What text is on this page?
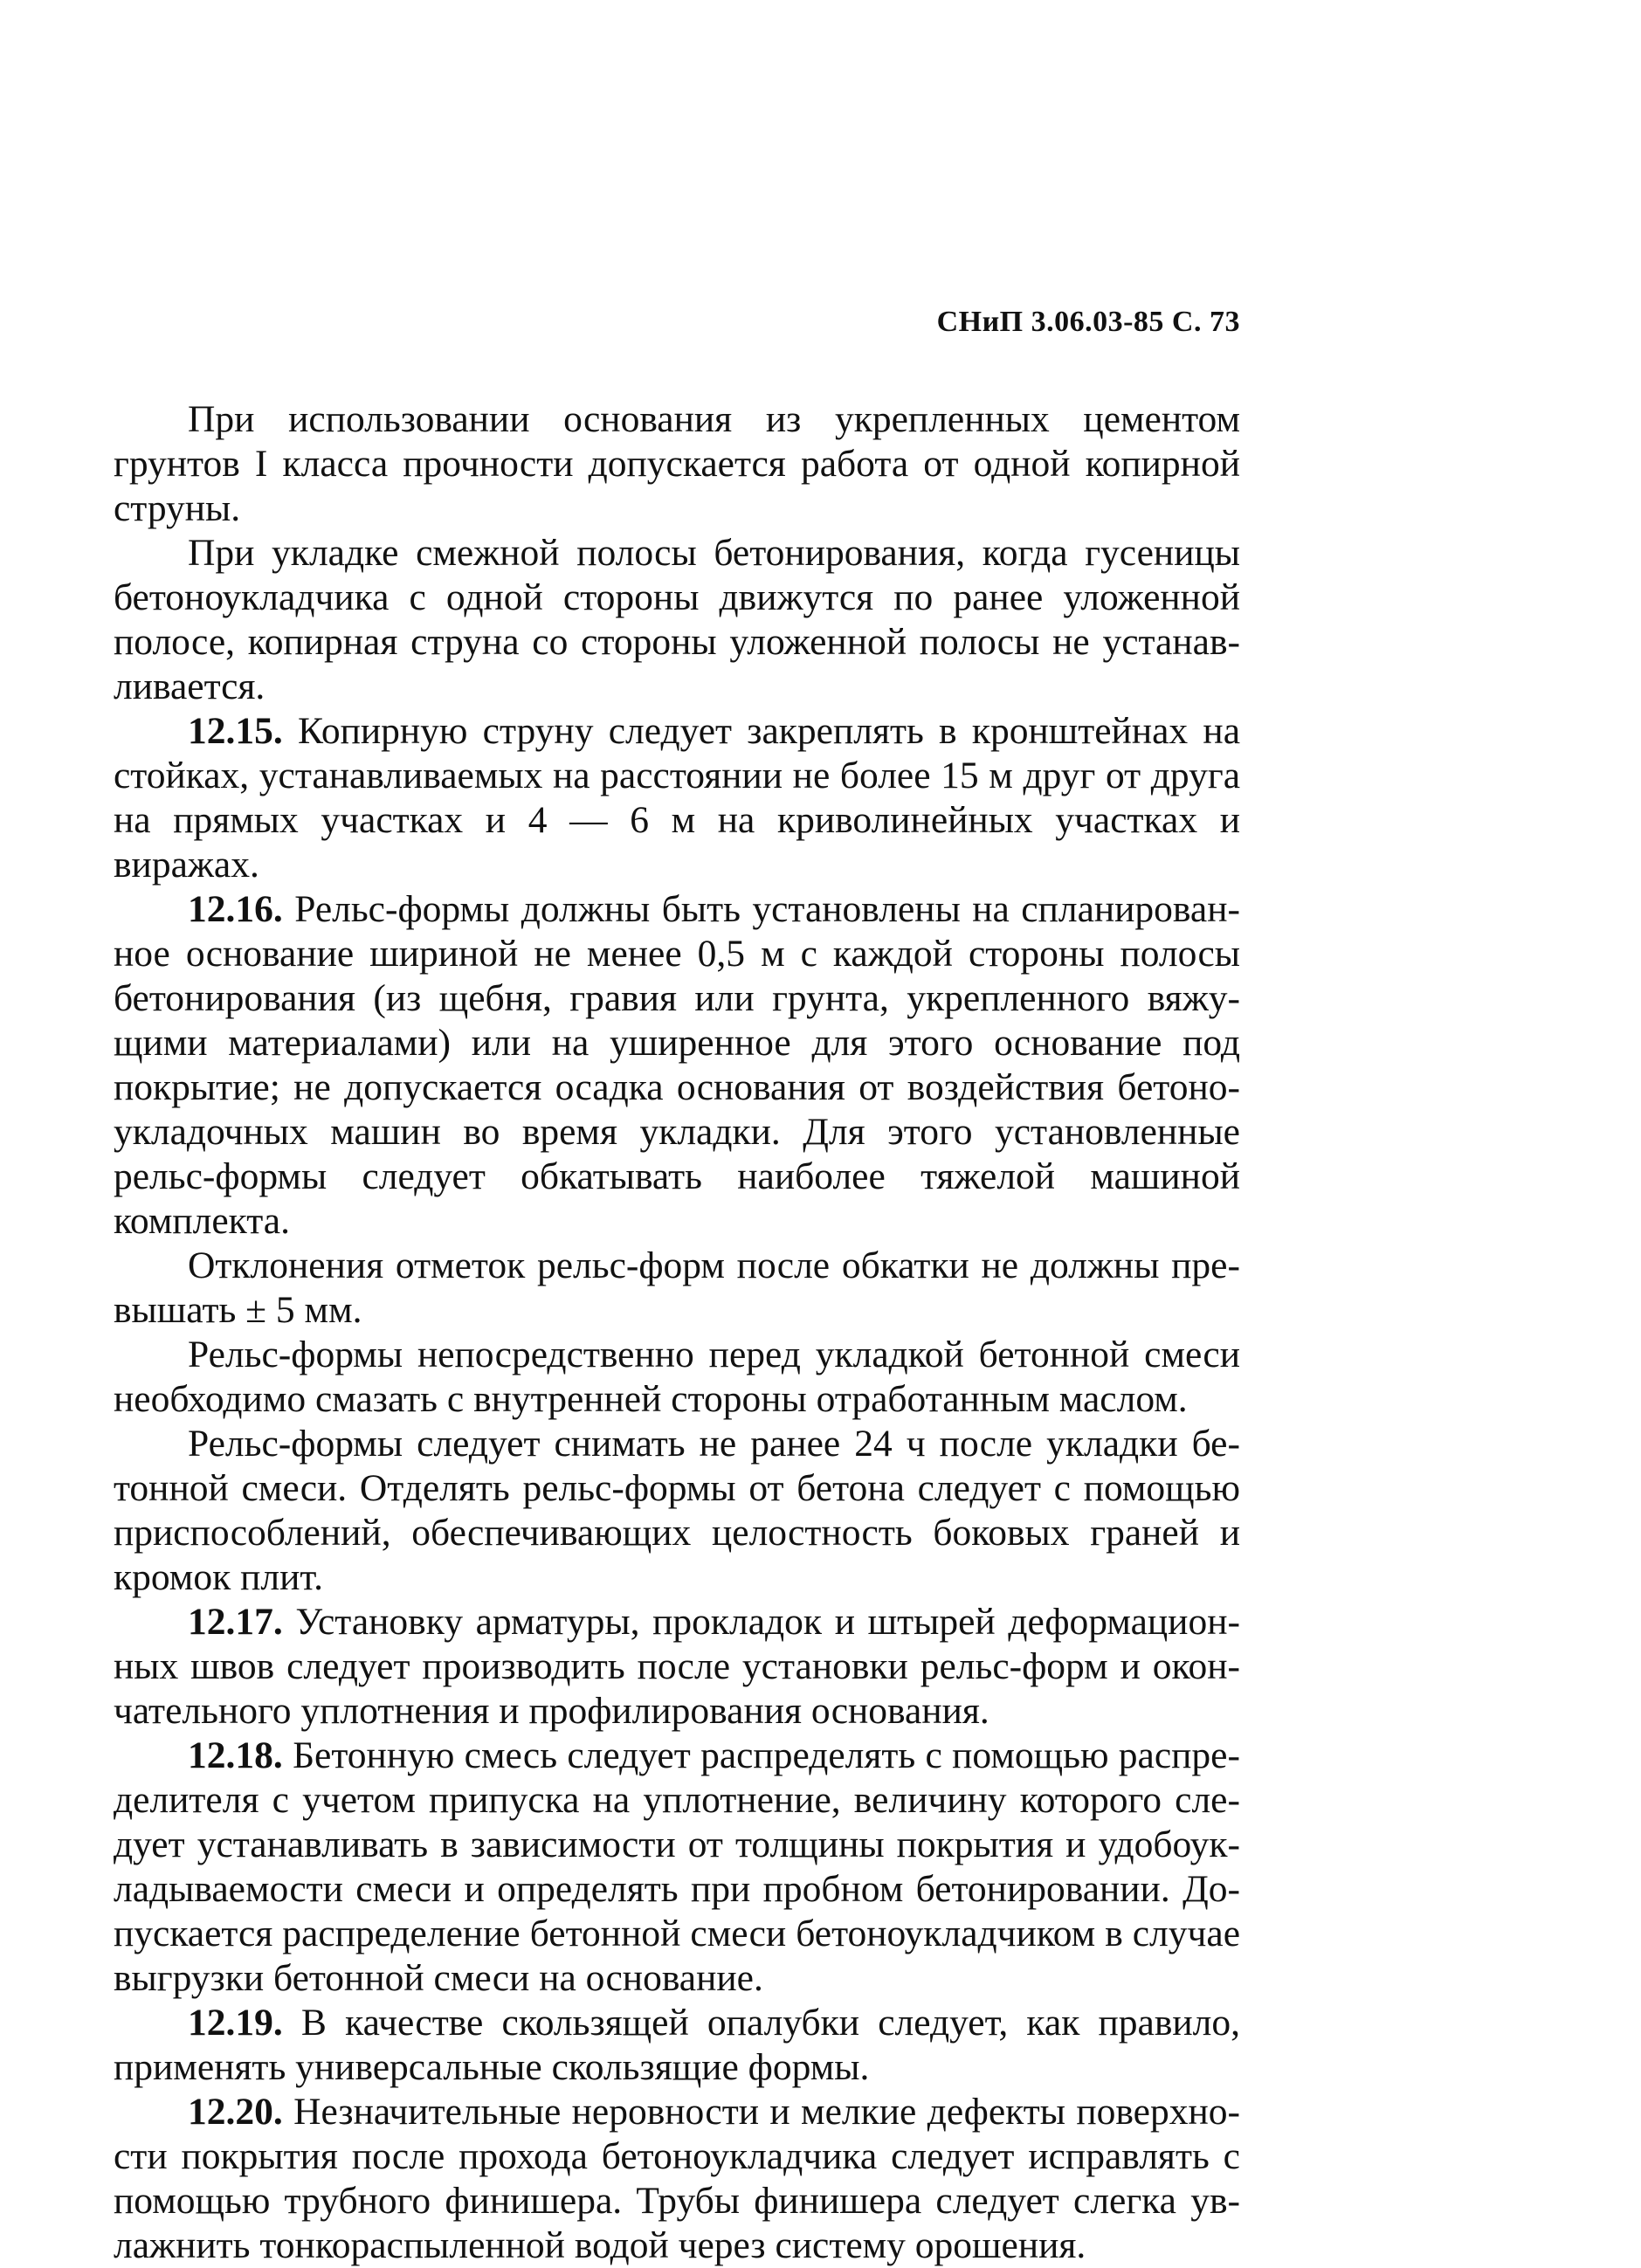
СНиП 3.06.03-85 С. 73

При использовании основания из укрепленных цементом грунтов I класса прочности допускается работа от одной копирной струны.

При укладке смежной полосы бетонирования, когда гусеницы бетоноукладчика с одной стороны движутся по ранее уложенной полосе, копирная струна со стороны уложенной полосы не устанавливается.

12.15. Копирную струну следует закреплять в кронштейнах на стойках, устанавливаемых на расстоянии не более 15 м друг от друга на прямых участках и 4 — 6 м на криволинейных участках и виражах.

12.16. Рельс-формы должны быть установлены на спланированное основание шириной не менее 0,5 м с каждой стороны полосы бетонирования (из щебня, гравия или грунта, укрепленного вяжущими материалами) или на уширенное для этого основание под покрытие; не допускается осадка основания от воздействия бетоноукладочных машин во время укладки. Для этого установленные рельс-формы следует обкатывать наиболее тяжелой машиной комплекта.

Отклонения отметок рельс-форм после обкатки не должны превышать ± 5 мм.

Рельс-формы непосредственно перед укладкой бетонной смеси необходимо смазать с внутренней стороны отработанным маслом.

Рельс-формы следует снимать не ранее 24 ч после укладки бетонной смеси. Отделять рельс-формы от бетона следует с помощью приспособлений, обеспечивающих целостность боковых граней и кромок плит.

12.17. Установку арматуры, прокладок и штырей деформационных швов следует производить после установки рельс-форм и окончательного уплотнения и профилирования основания.

12.18. Бетонную смесь следует распределять с помощью распределителя с учетом припуска на уплотнение, величину которого следует устанавливать в зависимости от толщины покрытия и удобоукладываемости смеси и определять при пробном бетонировании. Допускается распределение бетонной смеси бетоноукладчиком в случае выгрузки бетонной смеси на основание.

12.19. В качестве скользящей опалубки следует, как правило, применять универсальные скользящие формы.

12.20. Незначительные неровности и мелкие дефекты поверхности покрытия после прохода бетоноукладчика следует исправлять с помощью трубного финишера. Трубы финишера следует слегка увлажнить тонкораспыленной водой через систему орошения.
